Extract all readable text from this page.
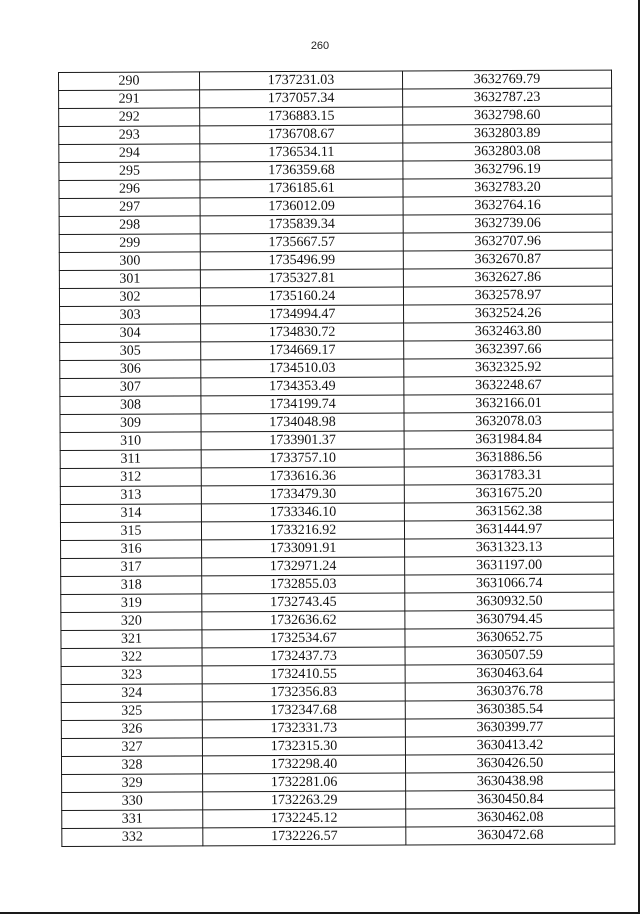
260
290	1737231.03	3632769.79
291	1737057.34	3632787.23
292	1736883.15	3632798.60
293	1736708.67	3632803.89
294	1736534.11	3632803.08
295	1736359.68	3632796.19
296	1736185.61	3632783.20
297	1736012.09	3632764.16
298	1735839.34	3632739.06
299	1735667.57	3632707.96
300	1735496.99	3632670.87
301	1735327.81	3632627.86
302	1735160.24	3632578.97
303	1734994.47	3632524.26
304	1734830.72	3632463.80
305	1734669.17	3632397.66
306	1734510.03	3632325.92
307	1734353.49	3632248.67
308	1734199.74	3632166.01
309	1734048.98	3632078.03
310	1733901.37	3631984.84
311	1733757.10	3631886.56
312	1733616.36	3631783.31
313	1733479.30	3631675.20
314	1733346.10	3631562.38
315	1733216.92	3631444.97
316	1733091.91	3631323.13
317	1732971.24	3631197.00
318	1732855.03	3631066.74
319	1732743.45	3630932.50
320	1732636.62	3630794.45
321	1732534.67	3630652.75
322	1732437.73	3630507.59
323	1732410.55	3630463.64
324	1732356.83	3630376.78
325	1732347.68	3630385.54
326	1732331.73	3630399.77
327	1732315.30	3630413.42
328	1732298.40	3630426.50
329	1732281.06	3630438.98
330	1732263.29	3630450.84
331	1732245.12	3630462.08
332	1732226.57	3630472.68
